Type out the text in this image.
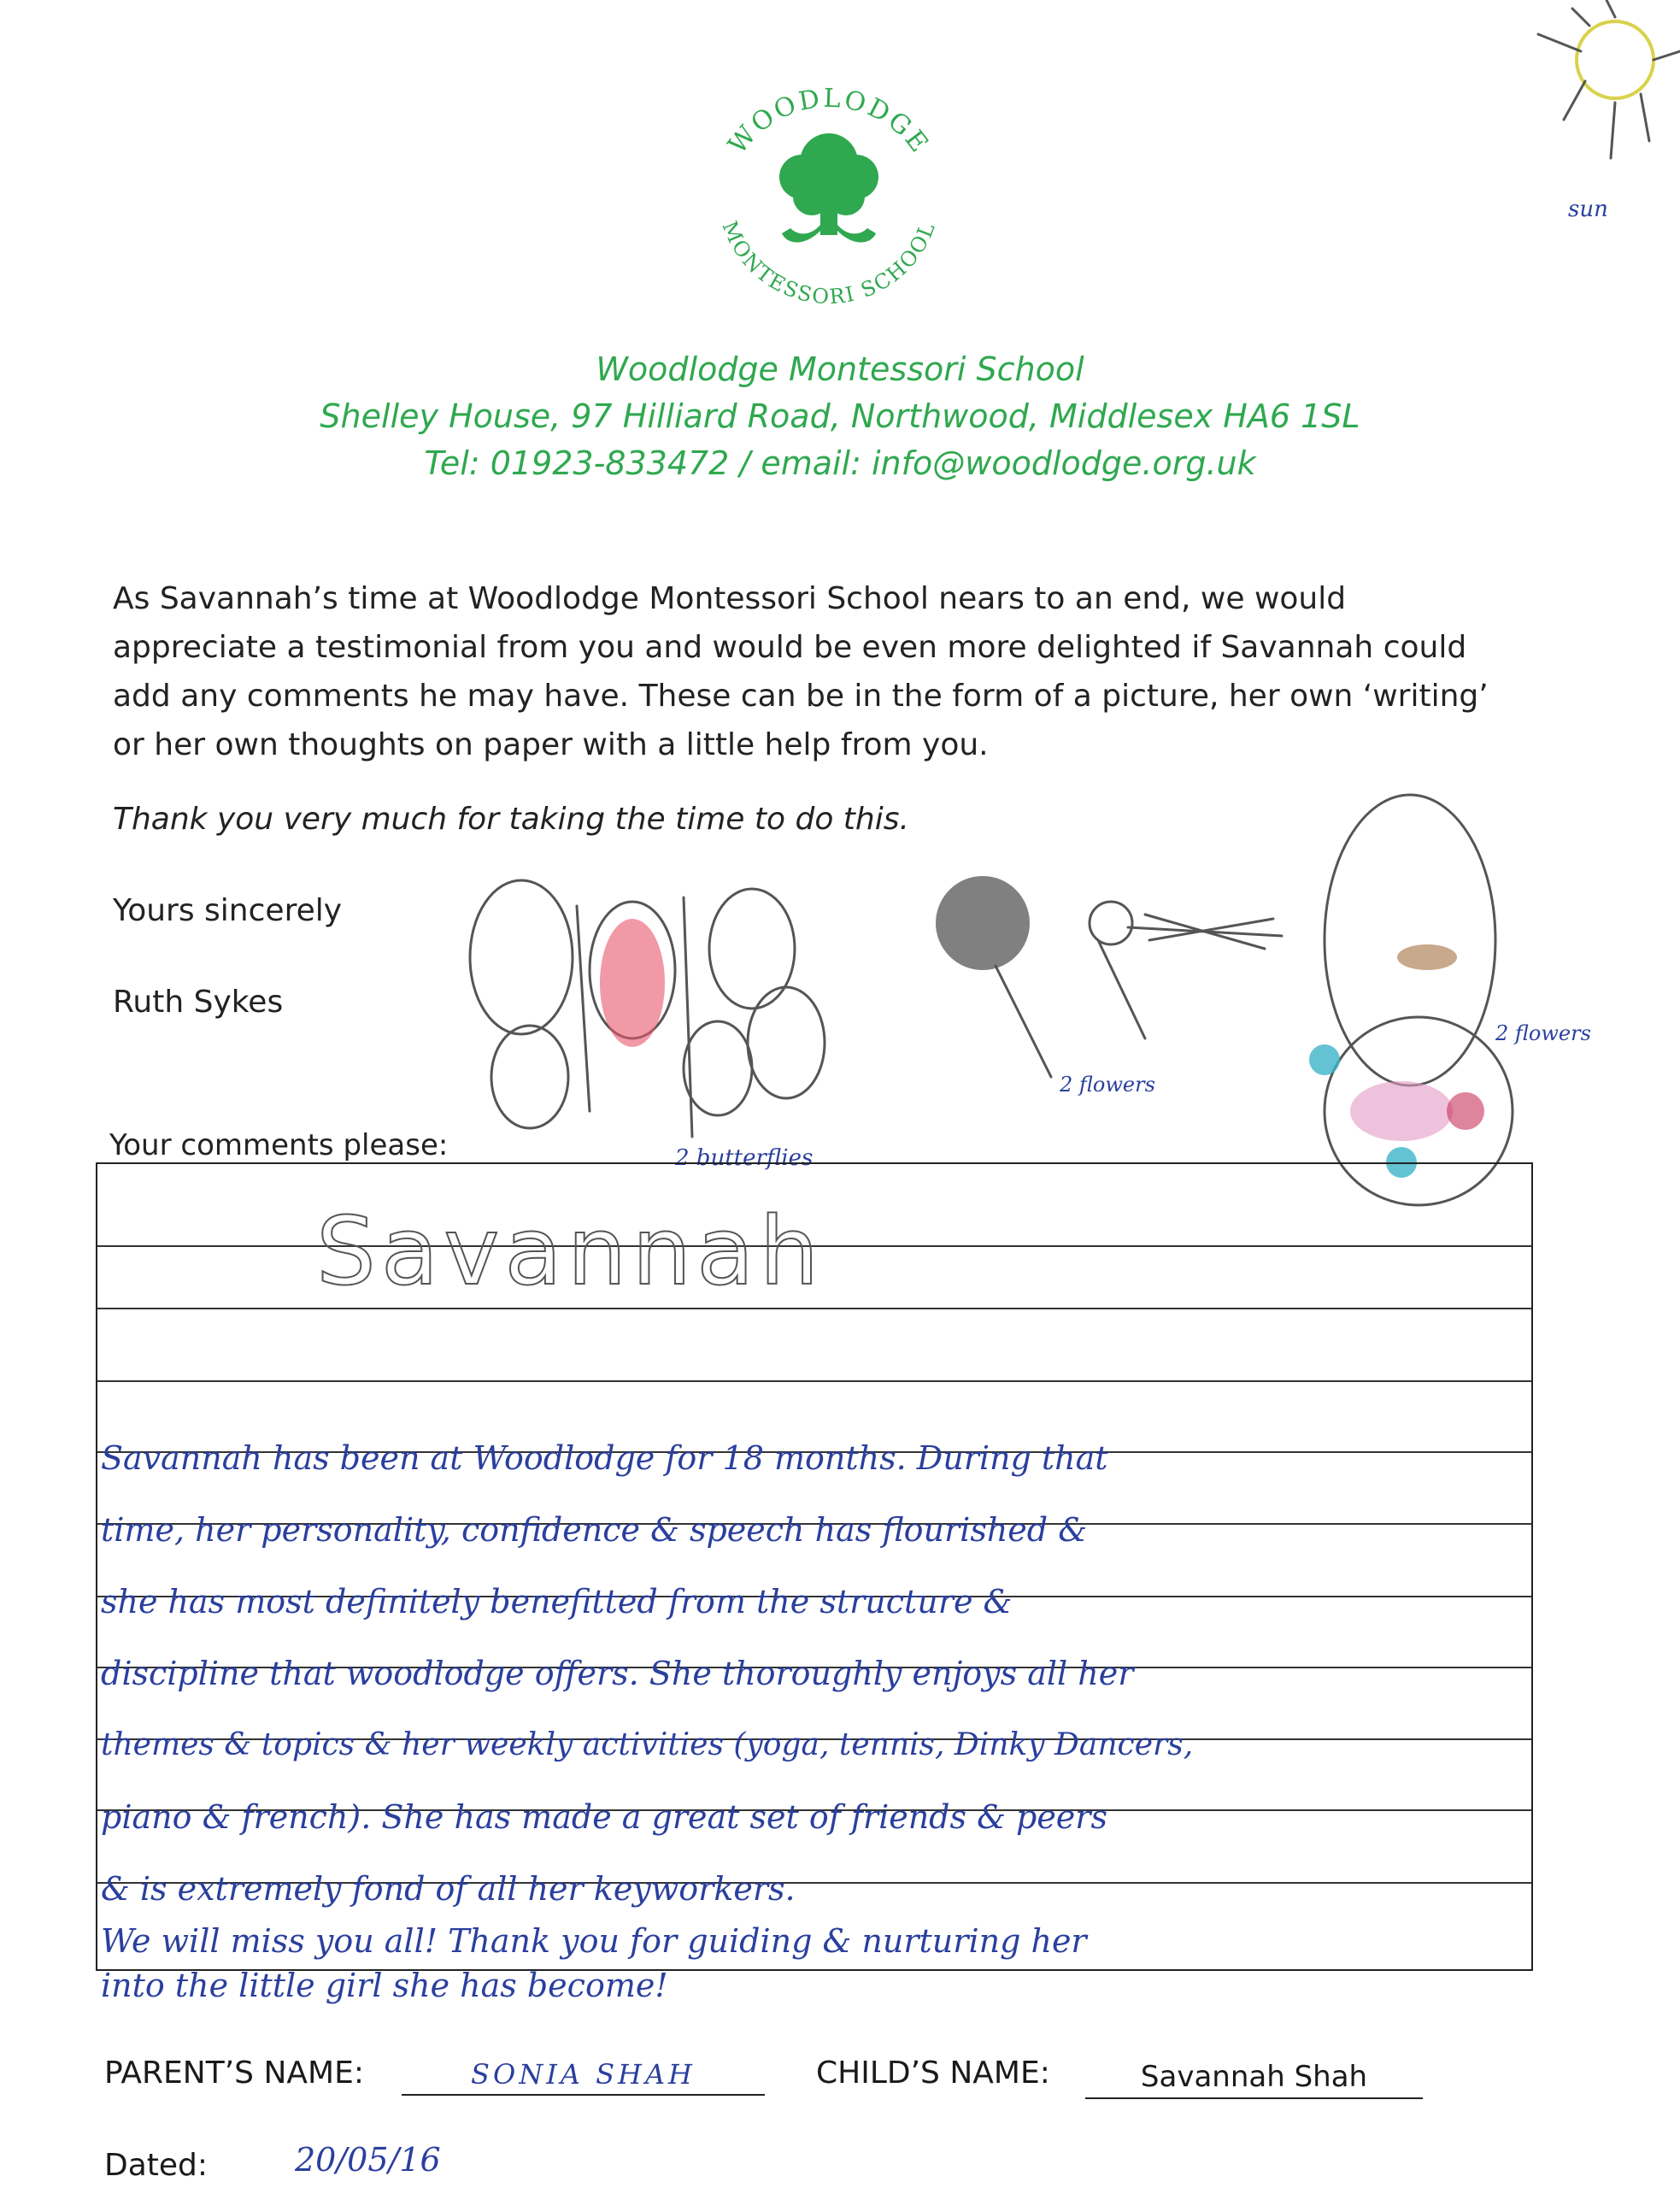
WOODLODGE
MONTESSORI SCHOOL
Woodlodge Montessori School
Shelley House, 97 Hilliard Road, Northwood, Middlesex HA6 1SL
Tel: 01923-833472 / email: info@woodlodge.org.uk
As Savannah’s time at Woodlodge Montessori School nears to an end, we would
appreciate a testimonial from you and would be even more delighted if Savannah could
add any comments he may have. These can be in the form of a picture, her own ‘writing’
or her own thoughts on paper with a little help from you.
Thank you very much for taking the time to do this.
Yours sincerely
Ruth Sykes
Your comments please:
sun
2 butterflies
2 flowers
2 flowers
Savannah
Savannah has been at Woodlodge for 18 months. During that
time, her personality, confidence & speech has flourished &
she has most definitely benefitted from the structure &
discipline that woodlodge offers. She thoroughly enjoys all her
themes & topics & her weekly activities (yoga, tennis, Dinky Dancers,
piano & french). She has made a great set of friends & peers
& is extremely fond of all her keyworkers.
We will miss you all! Thank you for guiding & nurturing her
into the little girl she has become!
PARENT’S NAME:	SONIA SHAH	CHILD’S NAME:	Savannah Shah
Dated:	20/05/16
